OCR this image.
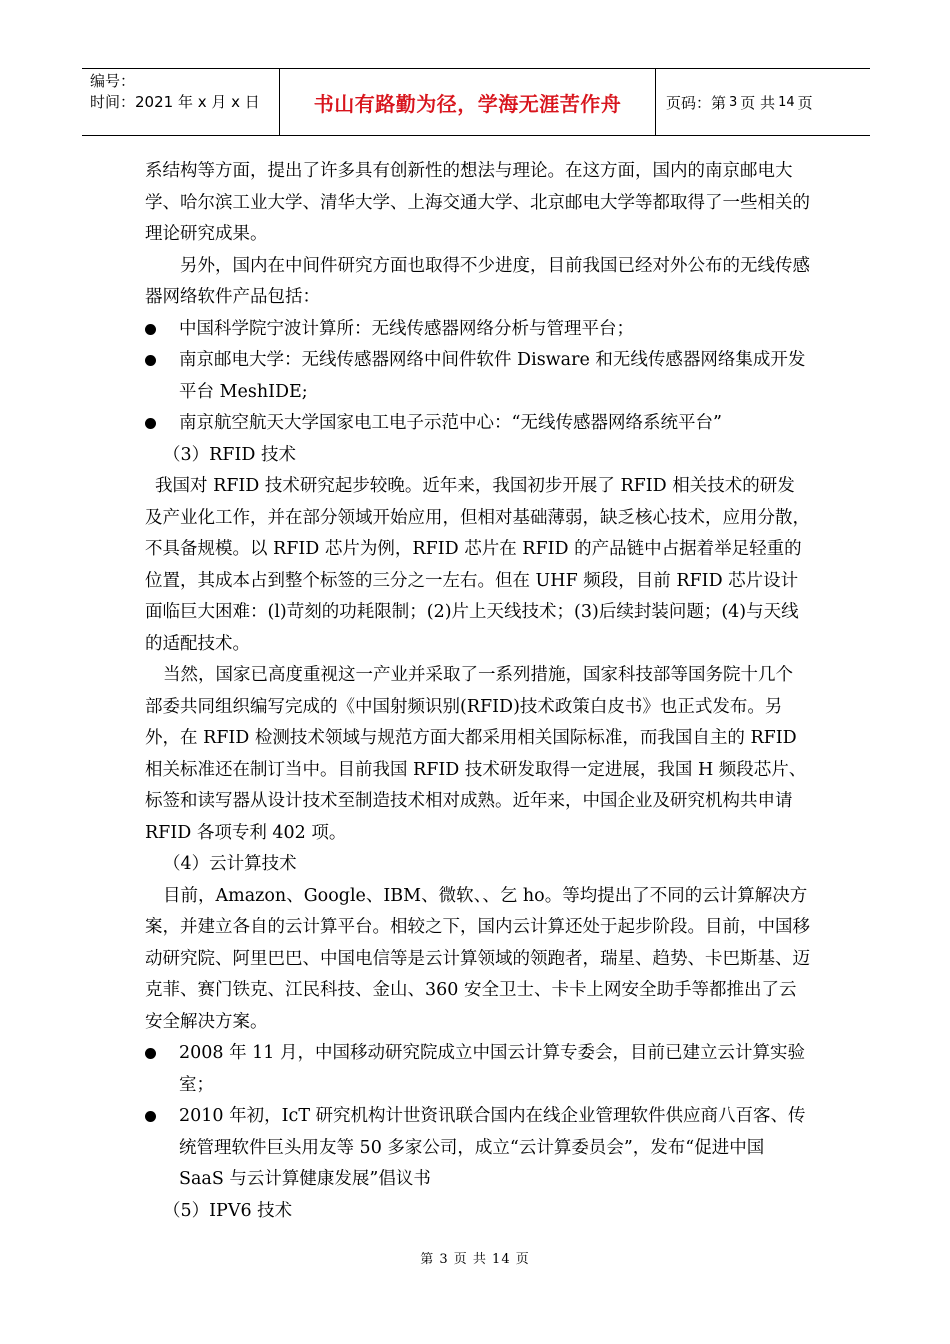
编号：
时间：2021 年 x 月 x 日	书山有路勤为径，学海无涯苦作舟	页码：第 3 页 共 14 页

系结构等方面，提出了许多具有创新性的想法与理论。在这方面，国内的南京邮电大学、哈尔滨工业大学、清华大学、上海交通大学、北京邮电大学等都取得了一些相关的理论研究成果。

另外，国内在中间件研究方面也取得不少进度，目前我国已经对外公布的无线传感器网络软件产品包括：

中国科学院宁波计算所：无线传感器网络分析与管理平台；

南京邮电大学：无线传感器网络中间件软件 Disware 和无线传感器网络集成开发平台 MeshIDE;

南京航空航天大学国家电工电子示范中心：“无线传感器网络系统平台”

（3）RFID 技术

我国对 RFID 技术研究起步较晚。近年来，我国初步开展了 RFID 相关技术的研发及产业化工作，并在部分领域开始应用，但相对基础薄弱，缺乏核心技术，应用分散，不具备规模。以 RFID 芯片为例，RFID 芯片在 RFID 的产品链中占据着举足轻重的位置，其成本占到整个标签的三分之一左右。但在 UHF 频段，目前 RFID 芯片设计面临巨大困难：(l)苛刻的功耗限制；(2)片上天线技术；(3)后续封装问题；(4)与天线的适配技术。

当然，国家已高度重视这一产业并采取了一系列措施，国家科技部等国务院十几个部委共同组织编写完成的《中国射频识别(RFID)技术政策白皮书》也正式发布。另外，在 RFID 检测技术领域与规范方面大都采用相关国际标准，而我国自主的 RFID 相关标准还在制订当中。目前我国 RFID 技术研发取得一定进展，我国 H 频段芯片、标签和读写器从设计技术至制造技术相对成熟。近年来，中国企业及研究机构共申请 RFID 各项专利 402 项。

（4）云计算技术

目前，Amazon、Google、IBM、微软、、乞 ho。等均提出了不同的云计算解决方案，并建立各自的云计算平台。相较之下，国内云计算还处于起步阶段。目前，中国移动研究院、阿里巴巴、中国电信等是云计算领域的领跑者，瑞星、趋势、卡巴斯基、迈克菲、赛门铁克、江民科技、金山、360 安全卫士、卡卡上网安全助手等都推出了云安全解决方案。

2008 年 11 月，中国移动研究院成立中国云计算专委会，目前已建立云计算实验室；

2010 年初，IcT 研究机构计世资讯联合国内在线企业管理软件供应商八百客、传统管理软件巨头用友等 50 多家公司，成立“云计算委员会”，发布“促进中国 SaaS 与云计算健康发展”倡议书

（5）IPV6 技术

第 3 页 共 14 页
